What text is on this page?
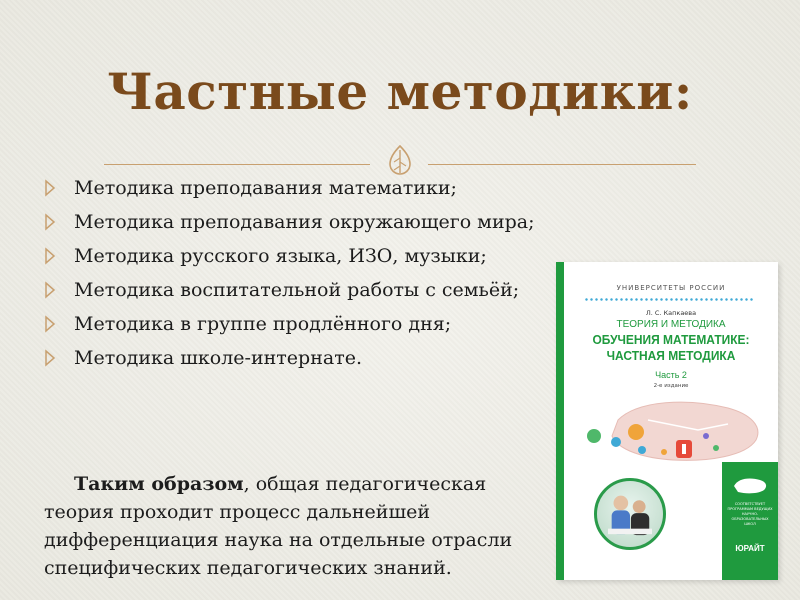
Частные методики:
Методика преподавания математики;
Методика преподавания окружающего мира;
Методика русского языка, ИЗО, музыки;
Методика воспитательной работы с семьёй;
Методика в группе продлённого дня;
Методика школе-интернате.

Таким образом, общая педагогическая теория проходит процесс дальнейшей дифференциация наука на отдельные отрасли специфических педагогических знаний.

УНИВЕРСИТЕТЫ РОССИИ
Л. С. Капкаева
ТЕОРИЯ И МЕТОДИКА
ОБУЧЕНИЯ МАТЕМАТИКЕ:
ЧАСТНАЯ МЕТОДИКА
Часть 2
2-е издание
СООТВЕТСТВУЕТ ПРОГРАММАМ ВЕДУЩИХ НАУЧНО-ОБРАЗОВАТЕЛЬНЫХ ШКОЛ
ЮРАЙТ
